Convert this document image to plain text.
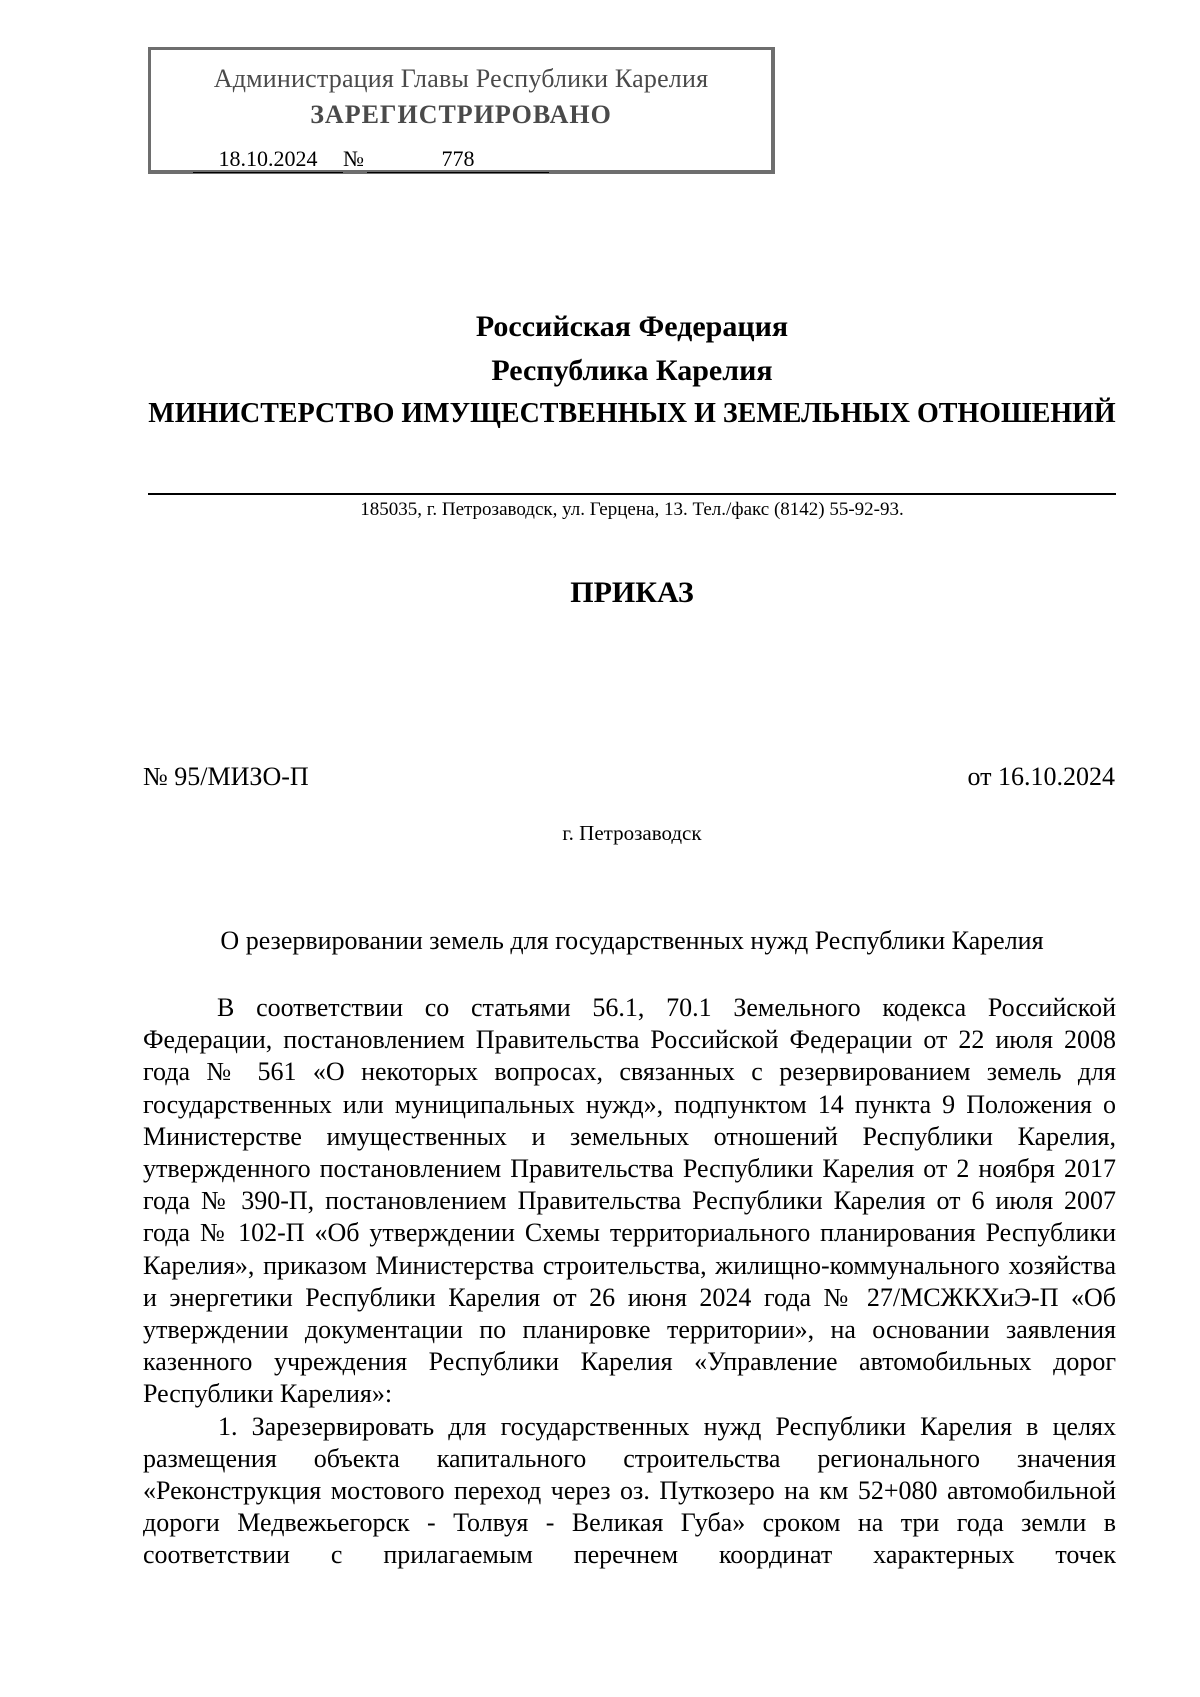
Администрация Главы Республики Карелия
ЗАРЕГИСТРИРОВАНО
18.10.2024	№	778
Российская Федерация
Республика Карелия
МИНИСТЕРСТВО ИМУЩЕСТВЕННЫХ И ЗЕМЕЛЬНЫХ ОТНОШЕНИЙ
185035, г. Петрозаводск, ул. Герцена, 13. Тел./факс (8142) 55-92-93.
ПРИКАЗ
№ 95/МИЗО-П	от 16.10.2024
г. Петрозаводск
О резервировании земель для государственных нужд Республики Карелия

В соответствии со статьями 56.1, 70.1 Земельного кодекса Российской Федерации, постановлением Правительства Российской Федерации от 22 июля 2008 года № 561 «О некоторых вопросах, связанных с резервированием земель для государственных или муниципальных нужд», подпунктом 14 пункта 9 Положения о Министерстве имущественных и земельных отношений Республики Карелия, утвержденного постановлением Правительства Республики Карелия от 2 ноября 2017 года № 390-П, постановлением Правительства Республики Карелия от 6 июля 2007 года № 102-П «Об утверждении Схемы территориального планирования Республики Карелия», приказом Министерства строительства, жилищно-коммунального хозяйства и энергетики Республики Карелия от 26 июня 2024 года № 27/МСЖКХиЭ-П «Об утверждении документации по планировке территории», на основании заявления казенного учреждения Республики Карелия «Управление автомобильных дорог Республики Карелия»:

1. Зарезервировать для государственных нужд Республики Карелия в целях размещения объекта капитального строительства регионального значения «Реконструкция мостового переход через оз. Путкозеро на км 52+080 автомобильной дороги Медвежьегорск - Толвуя - Великая Губа» сроком на три года земли в соответствии с прилагаемым перечнем координат характерных точек
